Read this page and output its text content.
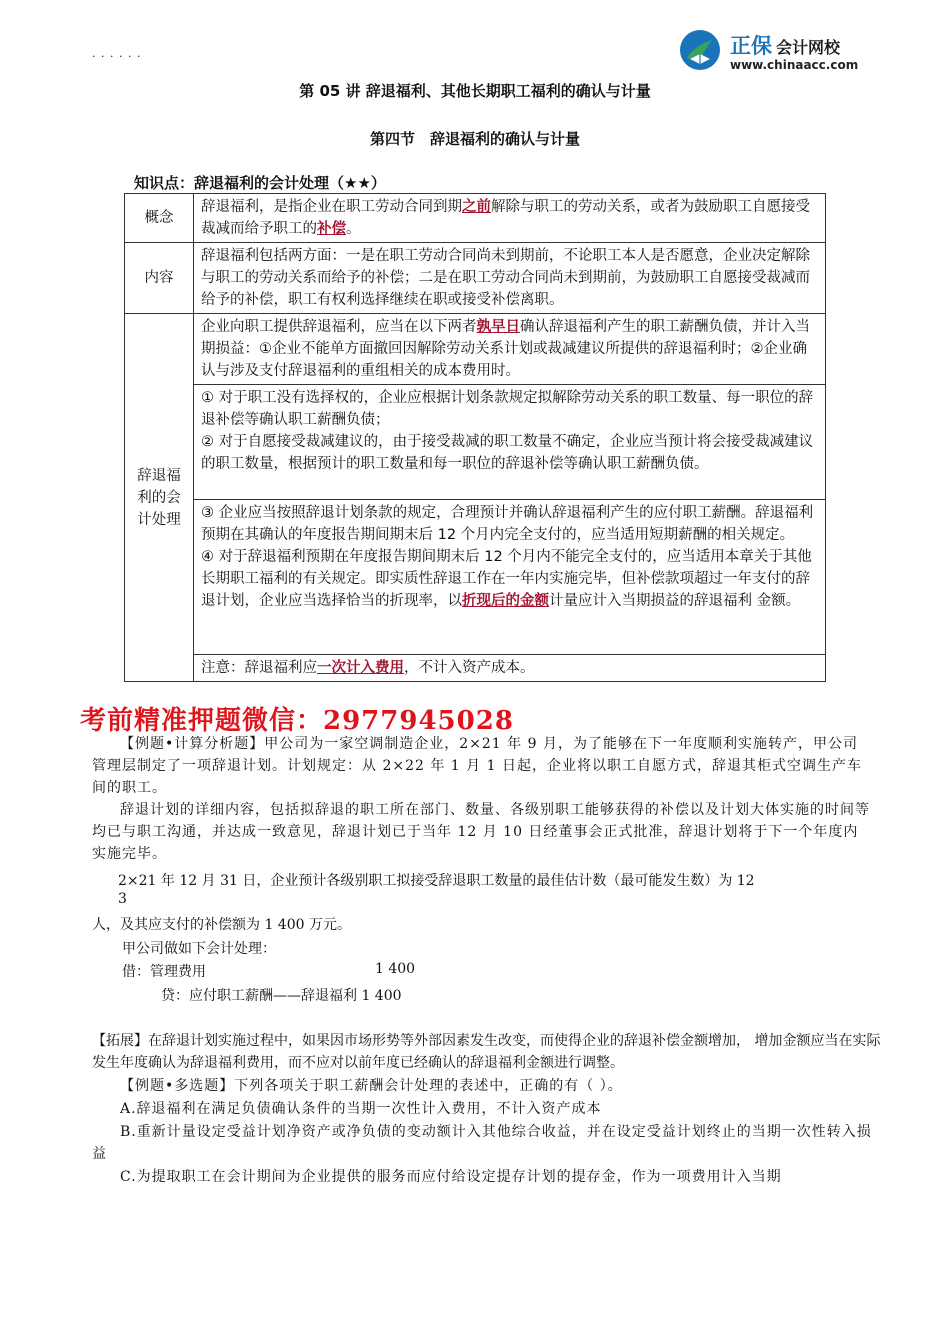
· · · · · ·	正保 会计网校
www.chinaacc.com
第 05 讲 辞退福利、其他长期职工福利的确认与计量
第四节　辞退福利的确认与计量
知识点：辞退福利的会计处理（★★）
概念	辞退福利，是指企业在职工劳动合同到期之前解除与职工的劳动关系，或者为鼓励职工自愿接受裁减而给予职工的补偿。
内容	辞退福利包括两方面：一是在职工劳动合同尚未到期前，不论职工本人是否愿意，企业决定解除与职工的劳动关系而给予的补偿；二是在职工劳动合同尚未到期前，为鼓励职工自愿接受裁减而给予的补偿，职工有权利选择继续在职或接受补偿离职。
辞退福利的会计处理	企业向职工提供辞退福利，应当在以下两者孰早日确认辞退福利产生的职工薪酬负债，并计入当期损益：①企业不能单方面撤回因解除劳动关系计划或裁减建议所提供的辞退福利时；②企业确认与涉及支付辞退福利的重组相关的成本费用时。

	① 对于职工没有选择权的，企业应根据计划条款规定拟解除劳动关系的职工数量、每一职位的辞退补偿等确认职工薪酬负债；
② 对于自愿接受裁减建议的，由于接受裁减的职工数量不确定，企业应当预计将会接受裁减建议的职工数量，根据预计的职工数量和每一职位的辞退补偿等确认职工薪酬负债。

	③ 企业应当按照辞退计划条款的规定，合理预计并确认辞退福利产生的应付职工薪酬。辞退福利预期在其确认的年度报告期间期末后 12 个月内完全支付的，应当适用短期薪酬的相关规定。
④ 对于辞退福利预期在年度报告期间期末后 12 个月内不能完全支付的，应当适用本章关于其他长期职工福利的有关规定。即实质性辞退工作在一年内实施完毕，但补偿款项超过一年支付的辞退计划，企业应当选择恰当的折现率，以折现后的金额计量应计入当期损益的辞退福利 金额。

	注意：辞退福利应一次计入费用，不计入资产成本。
考前精准押题微信：2977945028
【例题•计算分析题】甲公司为一家空调制造企业，2×21 年 9 月，为了能够在下一年度顺利实施转产，甲公司管理层制定了一项辞退计划。计划规定：从 2×22 年 1 月 1 日起，企业将以职工自愿方式，辞退其柜式空调生产车间的职工。
辞退计划的详细内容，包括拟辞退的职工所在部门、数量、各级别职工能够获得的补偿以及计划大体实施的时间等均已与职工沟通，并达成一致意见，辞退计划已于当年 12 月 10 日经董事会正式批准，辞退计划将于下一个年度内实施完毕。
2×21 年 12 月 31 日，企业预计各级别职工拟接受辞退职工数量的最佳估计数（最可能发生数）为 12
3
人，及其应支付的补偿额为 1 400 万元。
甲公司做如下会计处理：
借：管理费用	1 400
贷：应付职工薪酬——辞退福利 1 400
【拓展】在辞退计划实施过程中，如果因市场形势等外部因素发生改变，而使得企业的辞退补偿金额增加， 增加金额应当在实际发生年度确认为辞退福利费用，而不应对以前年度已经确认的辞退福利金额进行调整。
【例题•多选题】下列各项关于职工薪酬会计处理的表述中，正确的有（ ）。
A.辞退福利在满足负债确认条件的当期一次性计入费用，不计入资产成本
B.重新计量设定受益计划净资产或净负债的变动额计入其他综合收益，并在设定受益计划终止的当期一次性转入损益
C.为提取职工在会计期间为企业提供的服务而应付给设定提存计划的提存金，作为一项费用计入当期
